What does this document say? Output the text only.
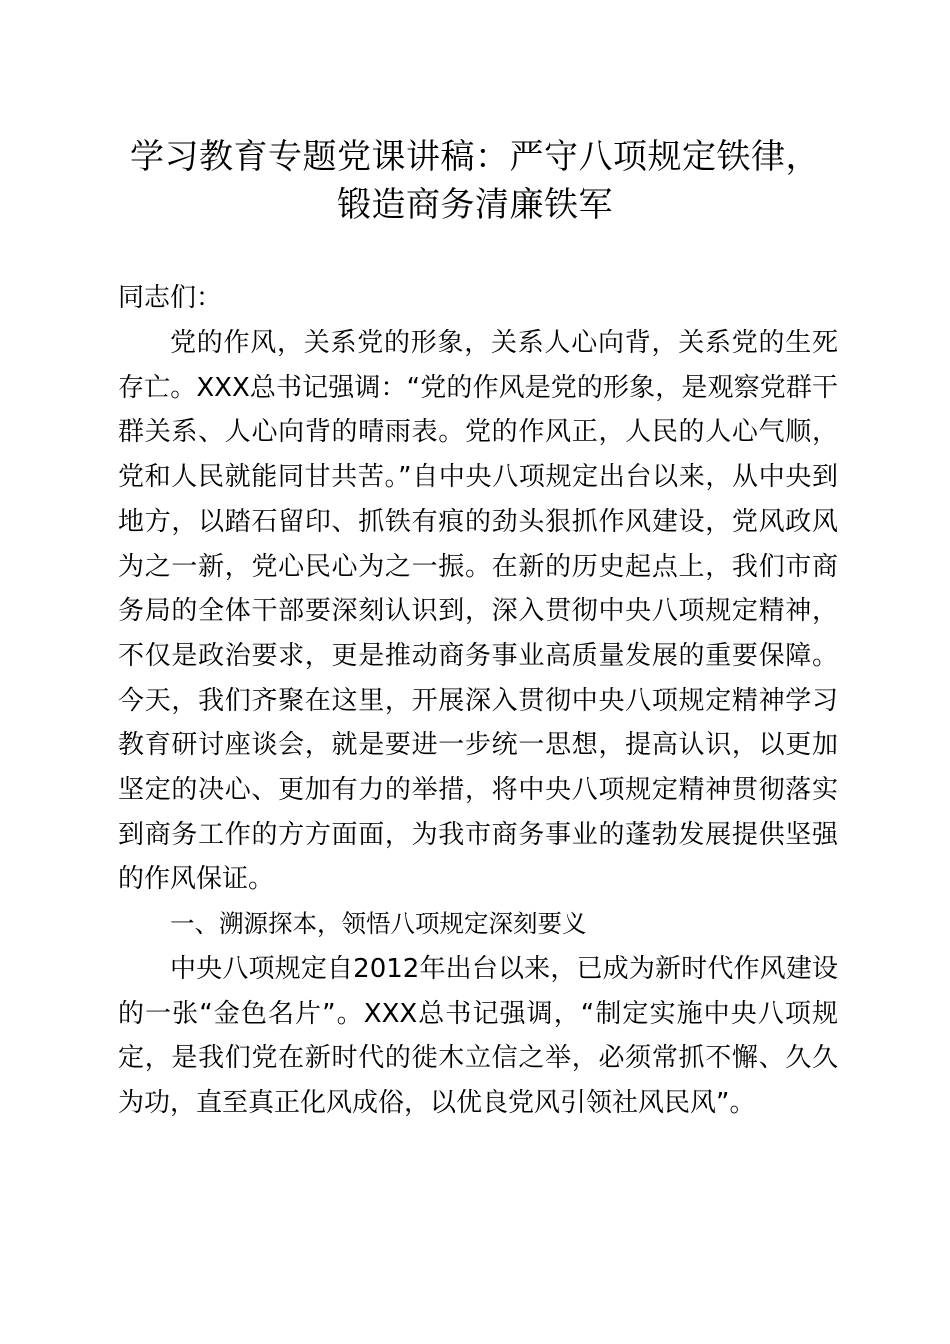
学习教育专题党课讲稿：严守八项规定铁律，
锻造商务清廉铁军

同志们：

党的作风，关系党的形象，关系人心向背，关系党的生死存亡。XXX总书记强调：“党的作风是党的形象，是观察党群干群关系、人心向背的晴雨表。党的作风正，人民的人心气顺，党和人民就能同甘共苦。”自中央八项规定出台以来，从中央到地方，以踏石留印、抓铁有痕的劲头狠抓作风建设，党风政风为之一新，党心民心为之一振。在新的历史起点上，我们市商务局的全体干部要深刻认识到，深入贯彻中央八项规定精神，不仅是政治要求，更是推动商务事业高质量发展的重要保障。今天，我们齐聚在这里，开展深入贯彻中央八项规定精神学习教育研讨座谈会，就是要进一步统一思想，提高认识，以更加坚定的决心、更加有力的举措，将中央八项规定精神贯彻落实到商务工作的方方面面，为我市商务事业的蓬勃发展提供坚强的作风保证。

一、溯源探本，领悟八项规定深刻要义

中央八项规定自2012年出台以来，已成为新时代作风建设的一张“金色名片”。XXX总书记强调，“制定实施中央八项规定，是我们党在新时代的徙木立信之举，必须常抓不懈、久久为功，直至真正化风成俗，以优良党风引领社风民风”。
